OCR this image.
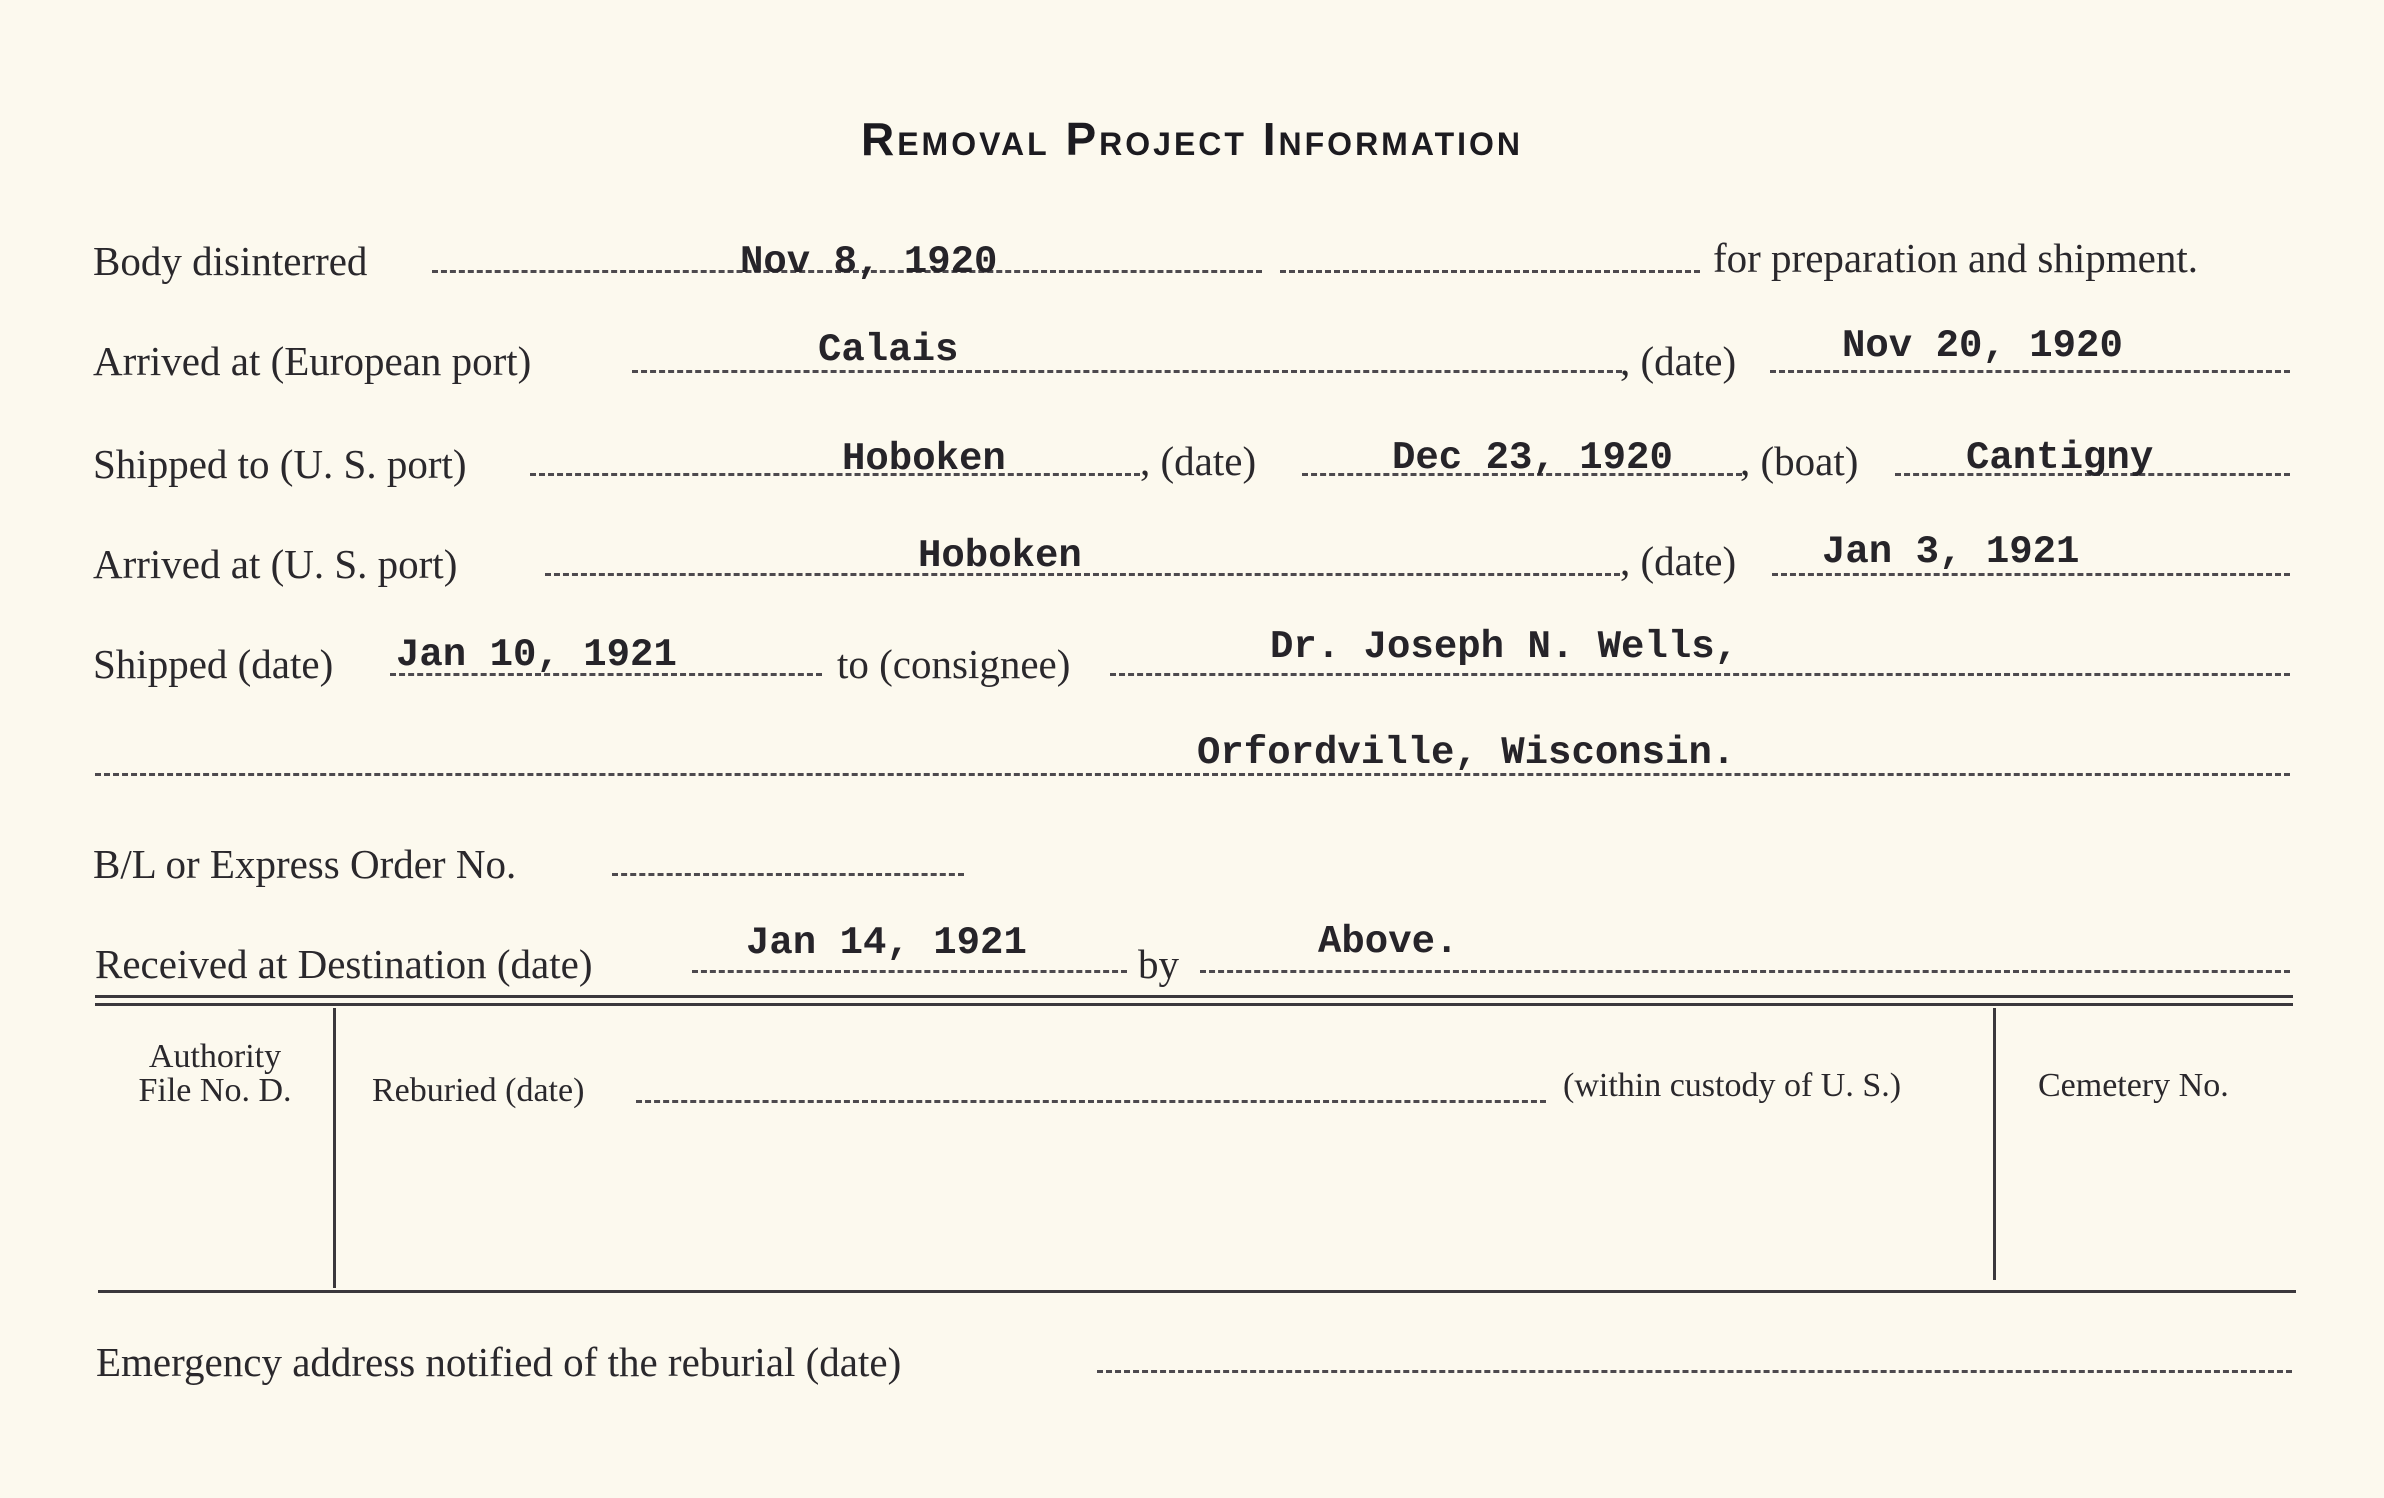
Removal Project Information
Body disinterred	Nov 8, 1920	for preparation and shipment.
Arrived at (European port)	Calais	, (date)	Nov 20, 1920
Shipped to (U. S. port)	Hoboken	, (date)	Dec 23, 1920 , (boat)	Cantigny
Arrived at (U. S. port)	Hoboken	, (date) Jan 3, 1921
Shipped (date) Jan 10, 1921	to (consignee)	Dr. Joseph N. Wells,
Orfordville, Wisconsin.
B/L or Express Order No.
Received at Destination (date)	Jan 14, 1921	by	Above.
Authority
File No. D.	Reburied (date)	(within custody of U. S.)	Cemetery No.
Emergency address notified of the reburial (date)
